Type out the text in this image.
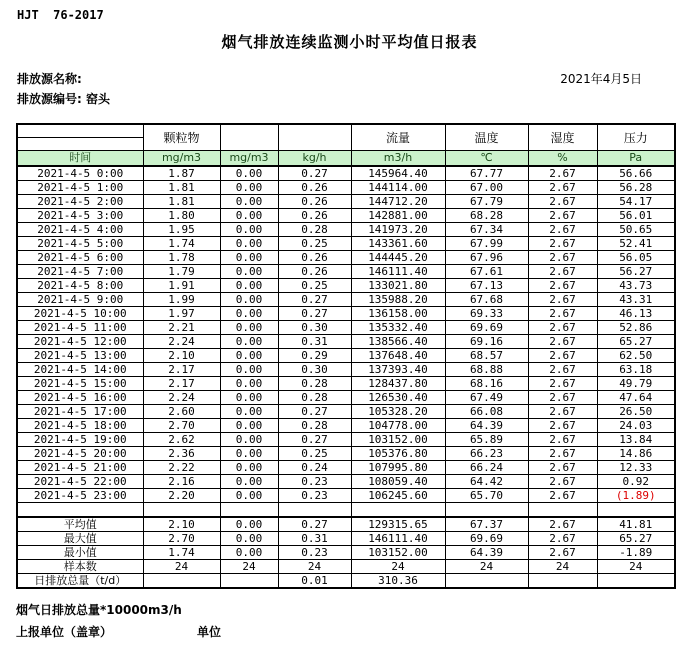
HJT  76-2017
烟气排放连续监测小时平均值日报表
排放源名称:	2021年4月5日
排放源编号: 窑头
	颗粒物			流量	温度	湿度	压力

时间	mg/m3	mg/m3	kg/h	m3/h	℃	%	Pa
2021-4-5 0:00	1.87	0.00	0.27	145964.40	67.77	2.67	56.66
2021-4-5 1:00	1.81	0.00	0.26	144114.00	67.00	2.67	56.28
2021-4-5 2:00	1.81	0.00	0.26	144712.20	67.79	2.67	54.17
2021-4-5 3:00	1.80	0.00	0.26	142881.00	68.28	2.67	56.01
2021-4-5 4:00	1.95	0.00	0.28	141973.20	67.34	2.67	50.65
2021-4-5 5:00	1.74	0.00	0.25	143361.60	67.99	2.67	52.41
2021-4-5 6:00	1.78	0.00	0.26	144445.20	67.96	2.67	56.05
2021-4-5 7:00	1.79	0.00	0.26	146111.40	67.61	2.67	56.27
2021-4-5 8:00	1.91	0.00	0.25	133021.80	67.13	2.67	43.73
2021-4-5 9:00	1.99	0.00	0.27	135988.20	67.68	2.67	43.31
2021-4-5 10:00	1.97	0.00	0.27	136158.00	69.33	2.67	46.13
2021-4-5 11:00	2.21	0.00	0.30	135332.40	69.69	2.67	52.86
2021-4-5 12:00	2.24	0.00	0.31	138566.40	69.16	2.67	65.27
2021-4-5 13:00	2.10	0.00	0.29	137648.40	68.57	2.67	62.50
2021-4-5 14:00	2.17	0.00	0.30	137393.40	68.88	2.67	63.18
2021-4-5 15:00	2.17	0.00	0.28	128437.80	68.16	2.67	49.79
2021-4-5 16:00	2.24	0.00	0.28	126530.40	67.49	2.67	47.64
2021-4-5 17:00	2.60	0.00	0.27	105328.20	66.08	2.67	26.50
2021-4-5 18:00	2.70	0.00	0.28	104778.00	64.39	2.67	24.03
2021-4-5 19:00	2.62	0.00	0.27	103152.00	65.89	2.67	13.84
2021-4-5 20:00	2.36	0.00	0.25	105376.80	66.23	2.67	14.86
2021-4-5 21:00	2.22	0.00	0.24	107995.80	66.24	2.67	12.33
2021-4-5 22:00	2.16	0.00	0.23	108059.40	64.42	2.67	0.92
2021-4-5 23:00	2.20	0.00	0.23	106245.60	65.70	2.67	(1.89)

平均值	2.10	0.00	0.27	129315.65	67.37	2.67	41.81
最大值	2.70	0.00	0.31	146111.40	69.69	2.67	65.27
最小值	1.74	0.00	0.23	103152.00	64.39	2.67	-1.89
样本数	24	24	24	24	24	24	24
日排放总量（t/d）			0.01	310.36			
烟气日排放总量*10000m3/h
上报单位（盖章）	单位
